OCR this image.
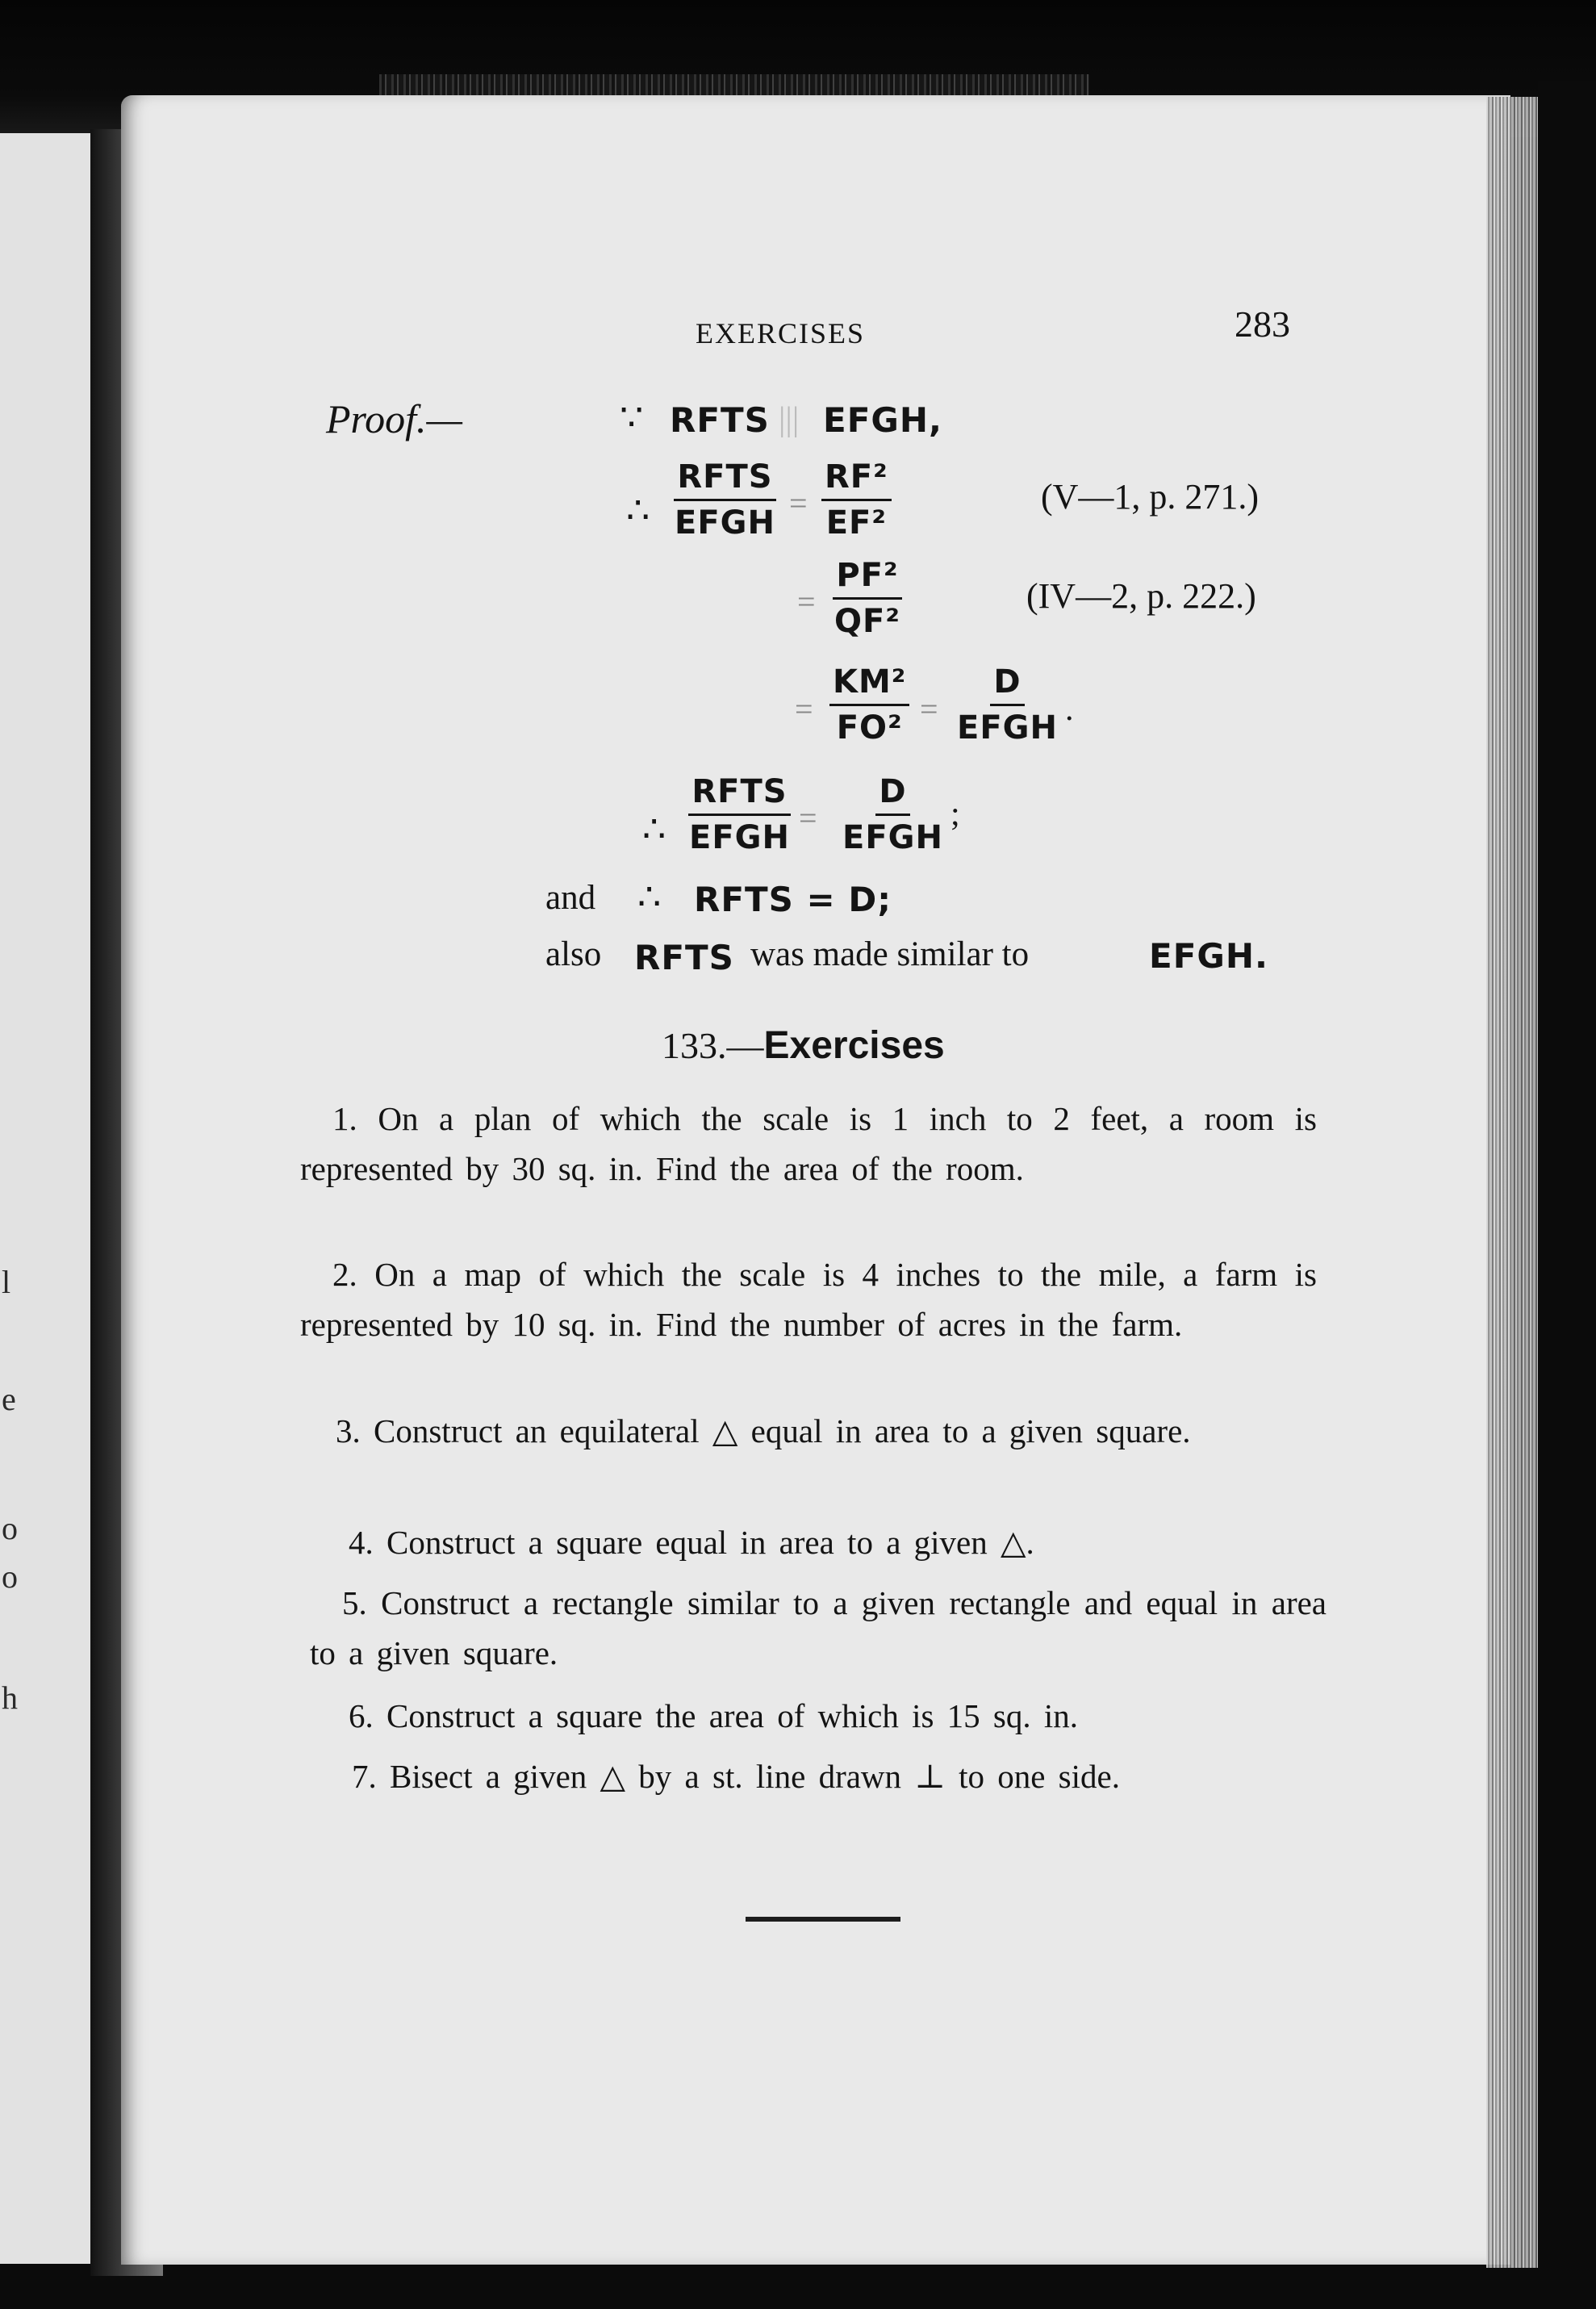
l
e
o
o
h
EXERCISES	283
Proof.—	∵ RFTS ||| EFGH,
∴
RFTS
EFGH
= $\frac{\text{RF²}}{\text{EF²}}$	(V—1, p. 271.)
= $\frac{\text{PF²}}{\text{QF²}}$	(IV—2, p. 222.)
= $\frac{\text{KM²}}{\text{FO²}}$ =
D
EFGH .
∴
RFTS
EFGH
=
D
EFGH
;
and ∴ RFTS = D;
also RFTS was made similar to	EFGH.
133.—Exercises
1. On a plan of which the scale is 1 inch to 2 feet, a room is represented by 30 sq. in. Find the area of the room.
2. On a map of which the scale is 4 inches to the mile, a farm is represented by 10 sq. in. Find the number of acres in the farm.
3. Construct an equilateral △ equal in area to a given square.
4. Construct a square equal in area to a given △.
5. Construct a rectangle similar to a given rectangle and equal in area to a given square.
6. Construct a square the area of which is 15 sq. in.
7. Bisect a given △ by a st. line drawn ⊥ to one side.
